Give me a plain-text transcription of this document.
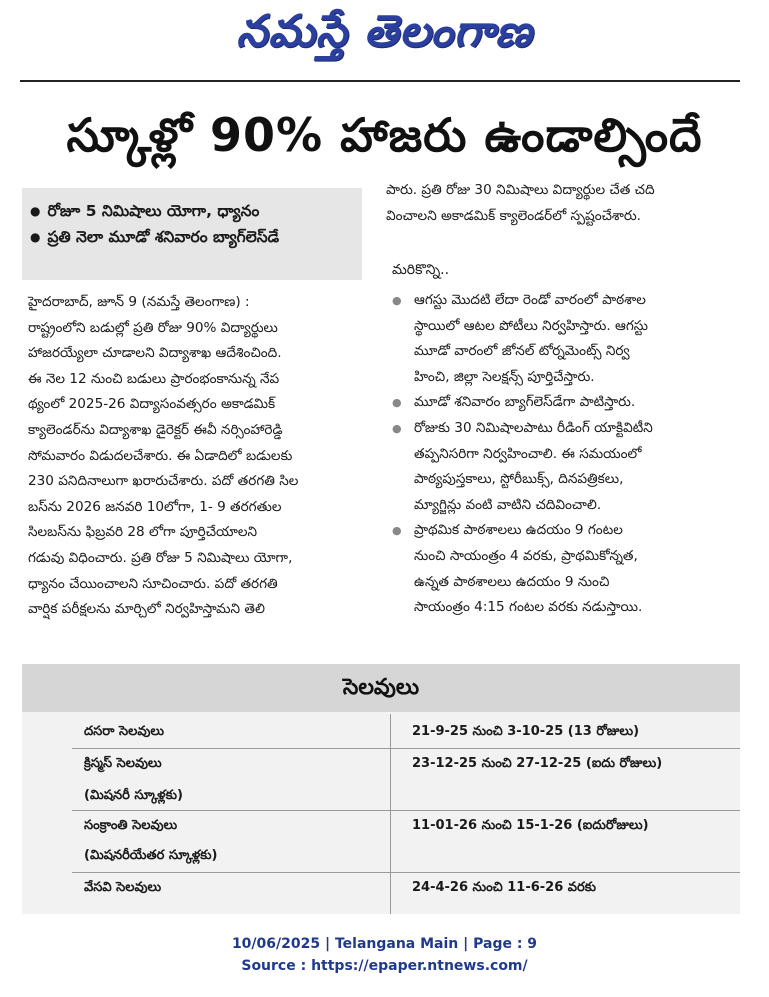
నమస్తే తెలంగాణ
స్కూళ్లో 90% హాజరు ఉండాల్సిందే
● రోజూ 5 నిమిషాలు యోగా, ధ్యానం
● ప్రతి నెలా మూడో శనివారం బ్యాగ్‌లెస్‌డే
హైదరాబాద్, జూన్ 9 (నమస్తే తెలంగాణ) :
రాష్ట్రంలోని బడుల్లో ప్రతి రోజు 90% విద్యార్థులు
హాజరయ్యేలా చూడాలని విద్యాశాఖ ఆదేశించింది.
ఈ నెల 12 నుంచి బడులు ప్రారంభంకానున్న నేప
థ్యంలో 2025-26 విద్యాసంవత్సరం అకాడమిక్
క్యాలెండర్‌ను విద్యాశాఖ డైరెక్టర్ ఈవీ నర్సింహారెడ్డి
సోమవారం విడుదలచేశారు. ఈ ఏడాదిలో బడులకు
230 పనిదినాలుగా ఖరారుచేశారు. పదో తరగతి సిల
బస్‌ను 2026 జనవరి 10లోగా, 1- 9 తరగతుల
సిలబస్‌ను ఫిబ్రవరి 28 లోగా పూర్తిచేయాలని
గడువు విధించారు. ప్రతి రోజు 5 నిమిషాలు యోగా,
ధ్యానం చేయించాలని సూచించారు. పదో తరగతి
వార్షిక పరీక్షలను మార్చిలో నిర్వహిస్తామని తెలి
పారు. ప్రతి రోజు 30 నిమిషాలు విద్యార్థుల చేత చది
వించాలని అకాడమిక్ క్యాలెండర్‌లో స్పష్టంచేశారు.
మరికొన్ని..
● ఆగస్టు మొదటి లేదా రెండో వారంలో పాఠశాల
స్థాయిలో ఆటల పోటీలు నిర్వహిస్తారు. ఆగస్టు
మూడో వారంలో జోనల్ టోర్నమెంట్స్ నిర్వ
హించి, జిల్లా సెలక్షన్స్ పూర్తిచేస్తారు.
● మూడో శనివారం బ్యాగ్‌లెస్‌డేగా పాటిస్తారు.
● రోజుకు 30 నిమిషాలపాటు రీడింగ్ యాక్టివిటీని
తప్పనిసరిగా నిర్వహించాలి. ఈ సమయంలో
పాఠ్యపుస్తకాలు, స్టోరీబుక్స్, దినపత్రికలు,
మ్యాగ్జిన్లు వంటి వాటిని చదివించాలి.
● ప్రాథమిక పాఠశాలలు ఉదయం 9 గంటల
నుంచి సాయంత్రం 4 వరకు, ప్రాథమికోన్నత,
ఉన్నత పాఠశాలలు ఉదయం 9 నుంచి
సాయంత్రం 4:15 గంటల వరకు నడుస్తాయి.
సెలవులు
దసరా సెలవులు	21-9-25 నుంచి 3-10-25 (13 రోజులు)
క్రిస్మస్ సెలవులు	23-12-25 నుంచి 27-12-25 (ఐదు రోజులు)
(మిషనరీ స్కూళ్లకు)
సంక్రాంతి సెలవులు	11-01-26 నుంచి 15-1-26 (ఐదురోజులు)
(మిషనరీయేతర స్కూళ్లకు)
వేసవి సెలవులు	24-4-26 నుంచి 11-6-26 వరకు
10/06/2025 | Telangana Main | Page : 9
Source : https://epaper.ntnews.com/
